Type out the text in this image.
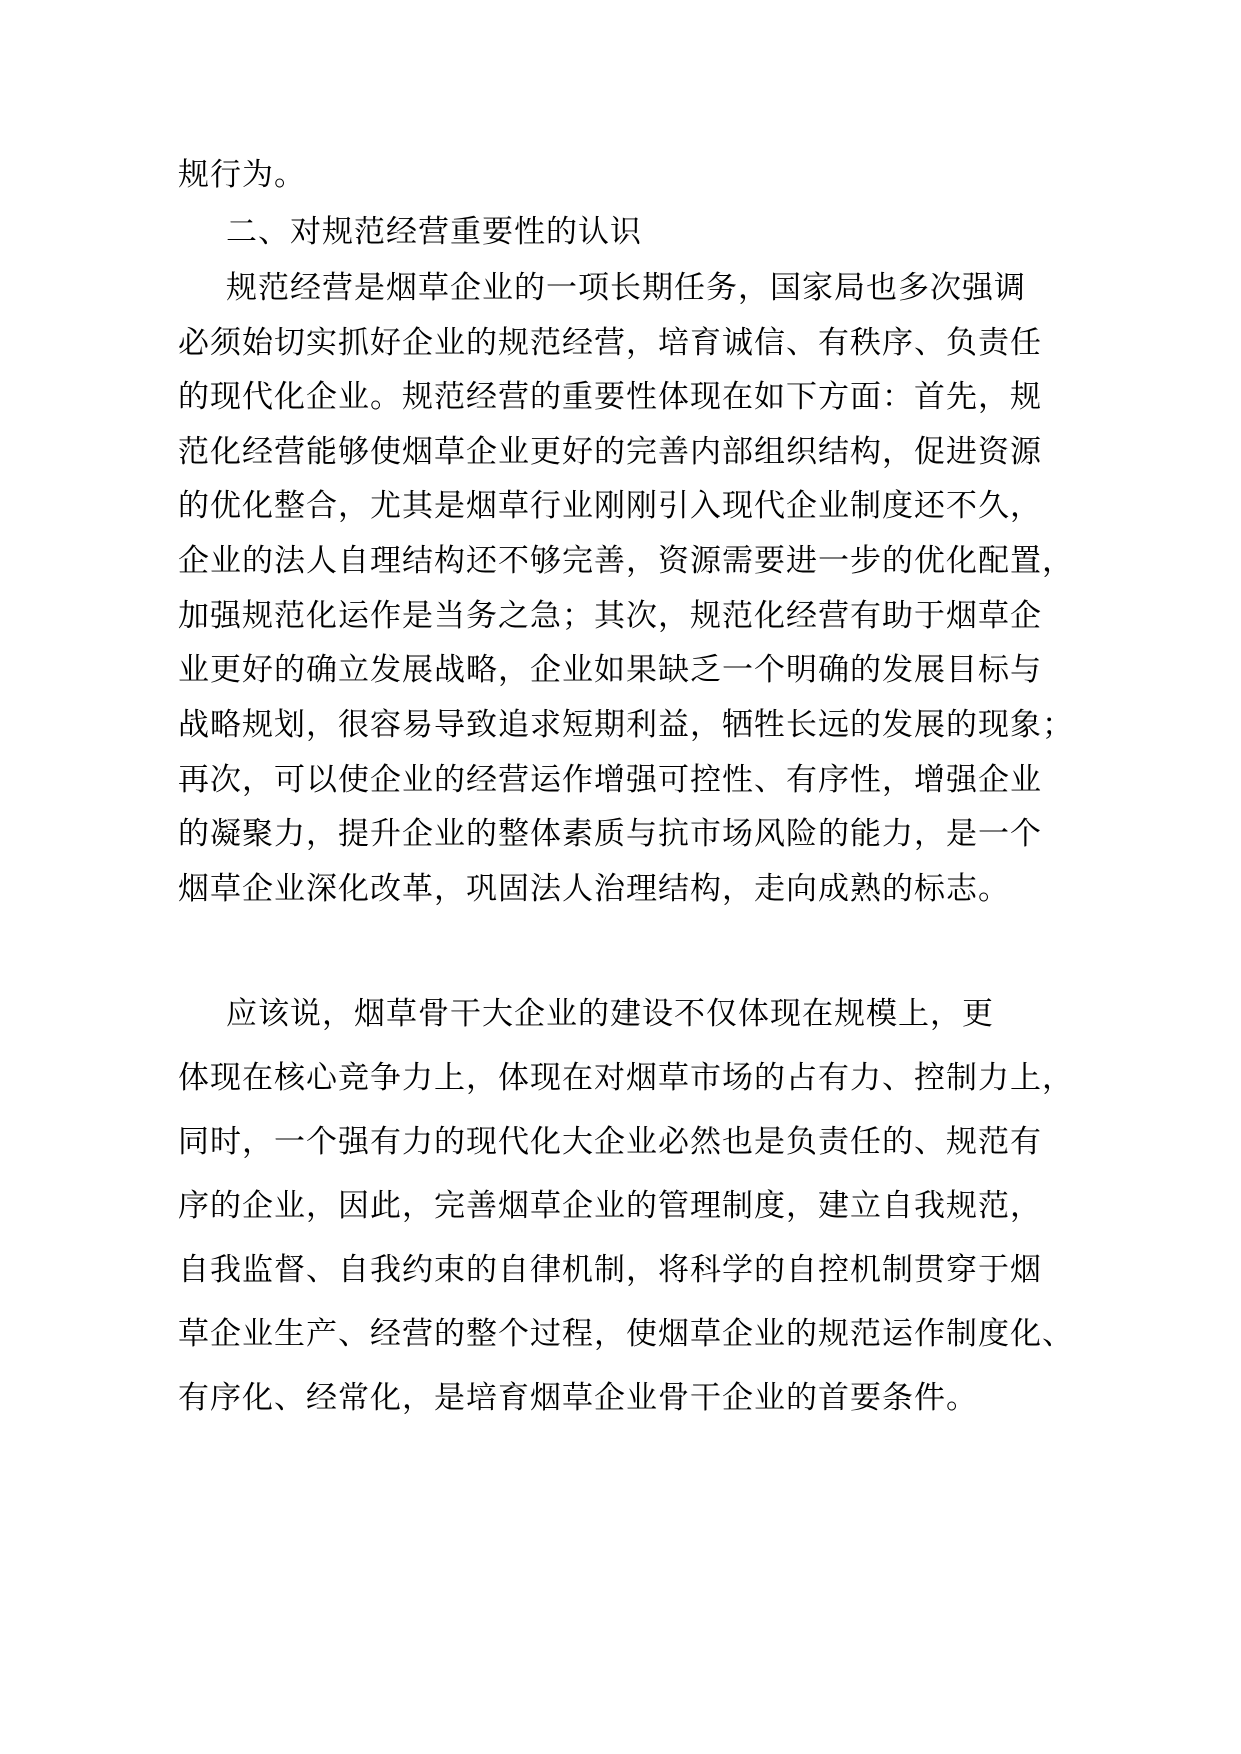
规行为。
二、对规范经营重要性的认识
规范经营是烟草企业的一项长期任务，国家局也多次强调
必须始切实抓好企业的规范经营，培育诚信、有秩序、负责任
的现代化企业。规范经营的重要性体现在如下方面：首先，规
范化经营能够使烟草企业更好的完善内部组织结构，促进资源
的优化整合，尤其是烟草行业刚刚引入现代企业制度还不久，
企业的法人自理结构还不够完善，资源需要进一步的优化配置，
加强规范化运作是当务之急；其次，规范化经营有助于烟草企
业更好的确立发展战略，企业如果缺乏一个明确的发展目标与
战略规划，很容易导致追求短期利益，牺牲长远的发展的现象；
再次，可以使企业的经营运作增强可控性、有序性，增强企业
的凝聚力，提升企业的整体素质与抗市场风险的能力，是一个
烟草企业深化改革，巩固法人治理结构，走向成熟的标志。
应该说，烟草骨干大企业的建设不仅体现在规模上，更
体现在核心竞争力上，体现在对烟草市场的占有力、控制力上，
同时，一个强有力的现代化大企业必然也是负责任的、规范有
序的企业，因此，完善烟草企业的管理制度，建立自我规范，
自我监督、自我约束的自律机制，将科学的自控机制贯穿于烟
草企业生产、经营的整个过程，使烟草企业的规范运作制度化、
有序化、经常化，是培育烟草企业骨干企业的首要条件。
